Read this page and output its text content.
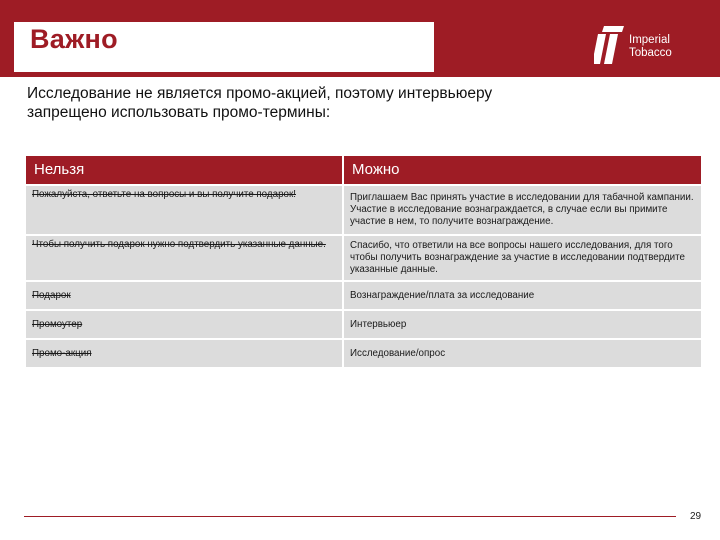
Важно	Imperial
Tobacco
Исследование не является промо-акцией, поэтому интервьюеру запрещено использовать промо-термины:
Нельзя	Можно
Пожалуйста, ответьте на вопросы и вы получите подарок!	Приглашаем Вас принять участие в исследовании для табачной кампании. Участие в исследование вознаграждается, в случае если вы примите участие в нем, то получите вознаграждение.
Чтобы получить подарок нужно подтвердить указанные данные.	Спасибо, что ответили на все вопросы нашего исследования, для того чтобы получить вознаграждение за участие в исследовании подтвердите указанные данные.
Подарок	Вознаграждение/плата за исследование
Промоутер	Интервьюер
Промо-акция	Исследование/опрос
29
